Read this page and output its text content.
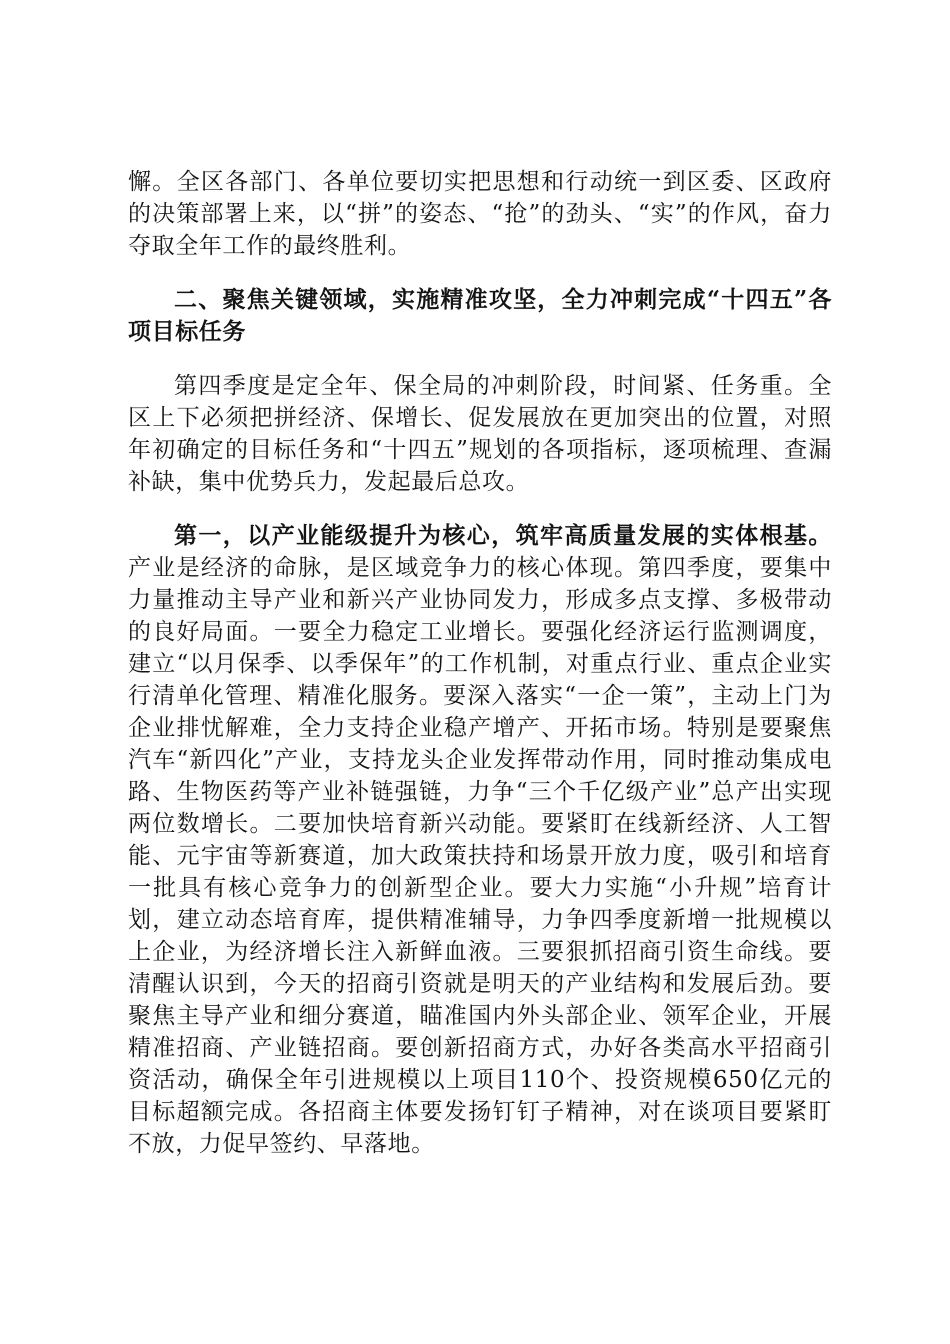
懈。全区各部门、各单位要切实把思想和行动统一到区委、区政府的决策部署上来，以“拼”的姿态、“抢”的劲头、“实”的作风，奋力夺取全年工作的最终胜利。

二、聚焦关键领域，实施精准攻坚，全力冲刺完成“十四五”各项目标任务

第四季度是定全年、保全局的冲刺阶段，时间紧、任务重。全区上下必须把拼经济、保增长、促发展放在更加突出的位置，对照年初确定的目标任务和“十四五”规划的各项指标，逐项梳理、查漏补缺，集中优势兵力，发起最后总攻。

第一，以产业能级提升为核心，筑牢高质量发展的实体根基。产业是经济的命脉，是区域竞争力的核心体现。第四季度，要集中力量推动主导产业和新兴产业协同发力，形成多点支撑、多极带动的良好局面。一要全力稳定工业增长。要强化经济运行监测调度，建立“以月保季、以季保年”的工作机制，对重点行业、重点企业实行清单化管理、精准化服务。要深入落实“一企一策”，主动上门为企业排忧解难，全力支持企业稳产增产、开拓市场。特别是要聚焦汽车“新四化”产业，支持龙头企业发挥带动作用，同时推动集成电路、生物医药等产业补链强链，力争“三个千亿级产业”总产出实现两位数增长。二要加快培育新兴动能。要紧盯在线新经济、人工智能、元宇宙等新赛道，加大政策扶持和场景开放力度，吸引和培育一批具有核心竞争力的创新型企业。要大力实施“小升规”培育计划，建立动态培育库，提供精准辅导，力争四季度新增一批规模以上企业，为经济增长注入新鲜血液。三要狠抓招商引资生命线。要清醒认识到，今天的招商引资就是明天的产业结构和发展后劲。要聚焦主导产业和细分赛道，瞄准国内外头部企业、领军企业，开展精准招商、产业链招商。要创新招商方式，办好各类高水平招商引资活动，确保全年引进规模以上项目110个、投资规模650亿元的目标超额完成。各招商主体要发扬钉钉子精神，对在谈项目要紧盯不放，力促早签约、早落地。
